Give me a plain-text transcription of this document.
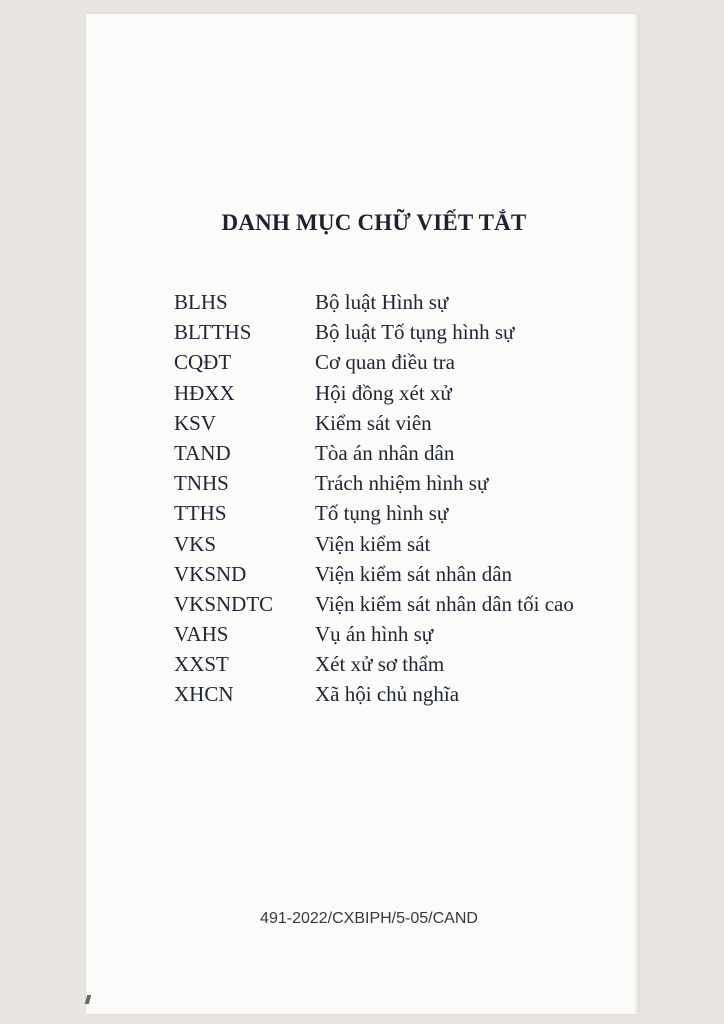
DANH MỤC CHỮ VIẾT TẮT
BLHS	Bộ luật Hình sự
BLTTHS	Bộ luật Tố tụng hình sự
CQĐT	Cơ quan điều tra
HĐXX	Hội đồng xét xử
KSV	Kiểm sát viên
TAND	Tòa án nhân dân
TNHS	Trách nhiệm hình sự
TTHS	Tố tụng hình sự
VKS	Viện kiểm sát
VKSND	Viện kiểm sát nhân dân
VKSNDTC	Viện kiểm sát nhân dân tối cao
VAHS	Vụ án hình sự
XXST	Xét xử sơ thẩm
XHCN	Xã hội chủ nghĩa
491-2022/CXBIPH/5-05/CAND
